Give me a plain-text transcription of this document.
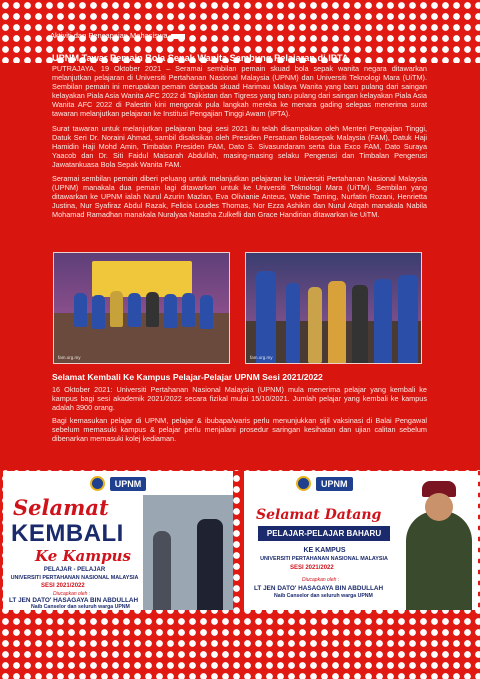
Aktiviti dan Pencapaian Mahasiswa
UPNM Tawar Pemain Bola Sepak Wanita Sambung Pelajaran di IPTA

PUTRAJAYA, 19 Oktober 2021 – Seramai sembilan pemain skuad bola sepak wanita negara ditawarkan melanjutkan pelajaran di Universiti Pertahanan Nasional Malaysia (UPNM) dan Universiti Teknologi Mara (UiTM). Sembilan pemain ini merupakan pemain daripada skuad Harimau Malaya Wanita yang baru pulang dari saingan kelayakan Piala Asia Wanita AFC 2022 di Tajikistan dan Tigress yang baru pulang dari saingan kelayakan Piala Asia Wanita AFC 2022 di Palestin kini mengorak pula langkah mereka ke menara gading selepas menerima surat tawaran melanjutkan pelajaran ke Institusi Pengajian Tinggi Awam (IPTA).

Surat tawaran untuk melanjutkan pelajaran bagi sesi 2021 itu telah disampaikan oleh Menteri Pengajian Tinggi, Datuk Seri Dr. Noraini Ahmad, sambil disaksikan oleh Presiden Persatuan Bolasepak Malaysia (FAM), Datuk Haji Hamidin Haji Mohd Amin, Timbalan Presiden FAM, Dato S. Sivasundaram serta dua Exco FAM, Dato Suraya Yaacob dan Dr. Siti Faidul Maisarah Abdullah, masing-masing selaku Pengerusi dan Timbalan Pengerusi Jawatankuasa Bola Sepak Wanita FAM.

Seramai sembilan pemain diberi peluang untuk melanjutkan pelajaran ke Universiti Pertahanan Nasional Malaysia (UPNM) manakala dua pemain lagi ditawarkan untuk ke Universiti Teknologi Mara (UiTM). Sembilan yang ditawarkan ke UPNM ialah Nurul Azurin Mazlan, Eva Olivianie Anteus, Wahie Taming, Nurfatin Rozani, Henrietta Justina, Nur Syafiraz Abdul Razak, Felicia Loudes Thomas, Nor Ezza Ashikin dan Nurul Atiqah manakala Nabila Mohamad Ramadhan manakala Nuralyaa Natasha Zulkefli dan Grace Handirian ditawarkan ke UiTM.

fam.org.my	fam.org.my
Selamat Kembali Ke Kampus Pelajar-Pelajar UPNM Sesi 2021/2022

16 Oktober 2021: Universiti Pertahanan Nasional Malaysia (UPNM) mula menerima pelajar yang kembali ke kampus bagi sesi akademik 2021/2022 secara fizikal mulai 15/10/2021. Jumlah pelajar yang kembali ke kampus adalah 3900 orang.

Bagi kemasukan pelajar di UPNM, pelajar & ibubapa/waris perlu menunjukkan sijil vaksinasi di Balai Pengawal sebelum memasuki kampus & pelajar perlu menjalani prosedur saringan kesihatan dan ujian calitan sebelum dibenarkan memasuki kolej kediaman.

UPNM
Selamat
KEMBALI
Ke Kampus
PELAJAR - PELAJAR
UNIVERSITI PERTAHANAN NASIONAL MALAYSIA
SESI 2021/2022
Diucapkan oleh :
LT JEN DATO' HASAGAYA BIN ABDULLAH
Naib Canselor dan seluruh warga UPNM
UPNM
Selamat Datang
PELAJAR-PELAJAR BAHARU
KE KAMPUS
UNIVERSITI PERTAHANAN NASIONAL MALAYSIA
SESI 2021/2022
Diucapkan oleh :
LT JEN DATO' HASAGAYA BIN ABDULLAH
Naib Canselor dan seluruh warga UPNM
